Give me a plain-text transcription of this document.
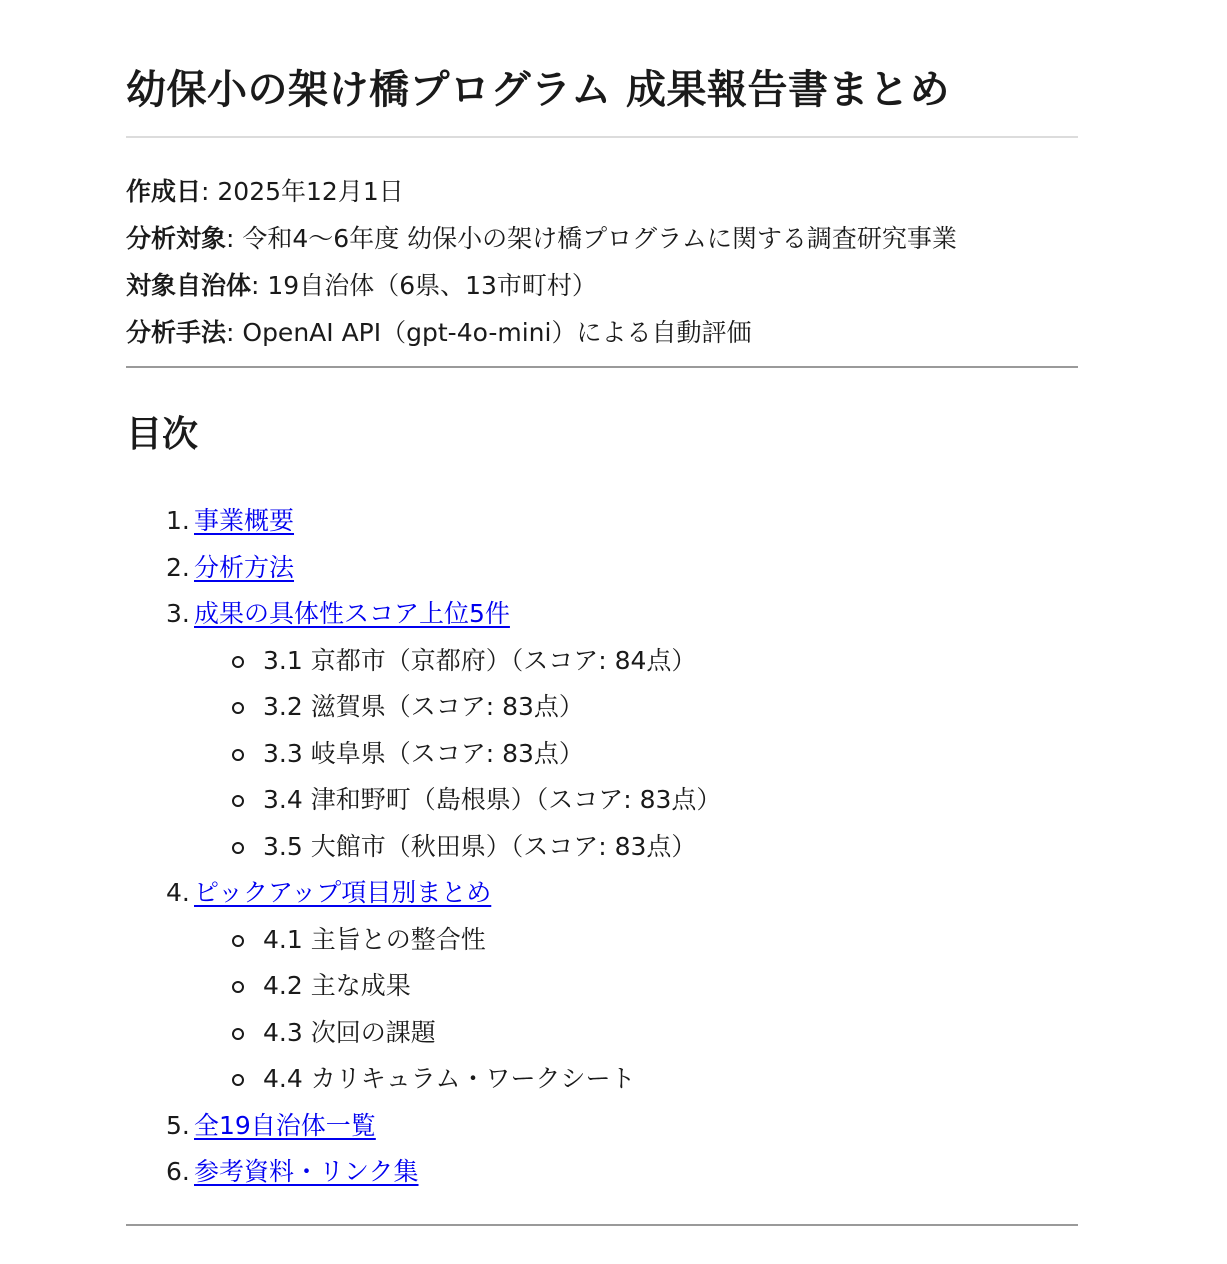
幼保小の架け橋プログラム 成果報告書まとめ
作成日: 2025年12月1日
分析対象: 令和4〜6年度 幼保小の架け橋プログラムに関する調査研究事業
対象自治体: 19自治体（6県、13市町村）
分析手法: OpenAI API（gpt-4o-mini）による自動評価
目次
1. 事業概要
2. 分析方法
3. 成果の具体性スコア上位5件
3.1 京都市（京都府）（スコア: 84点）
3.2 滋賀県（スコア: 83点）
3.3 岐阜県（スコア: 83点）
3.4 津和野町（島根県）（スコア: 83点）
3.5 大館市（秋田県）（スコア: 83点）
4. ピックアップ項目別まとめ
4.1 主旨との整合性
4.2 主な成果
4.3 次回の課題
4.4 カリキュラム・ワークシート
5. 全19自治体一覧
6. 参考資料・リンク集
